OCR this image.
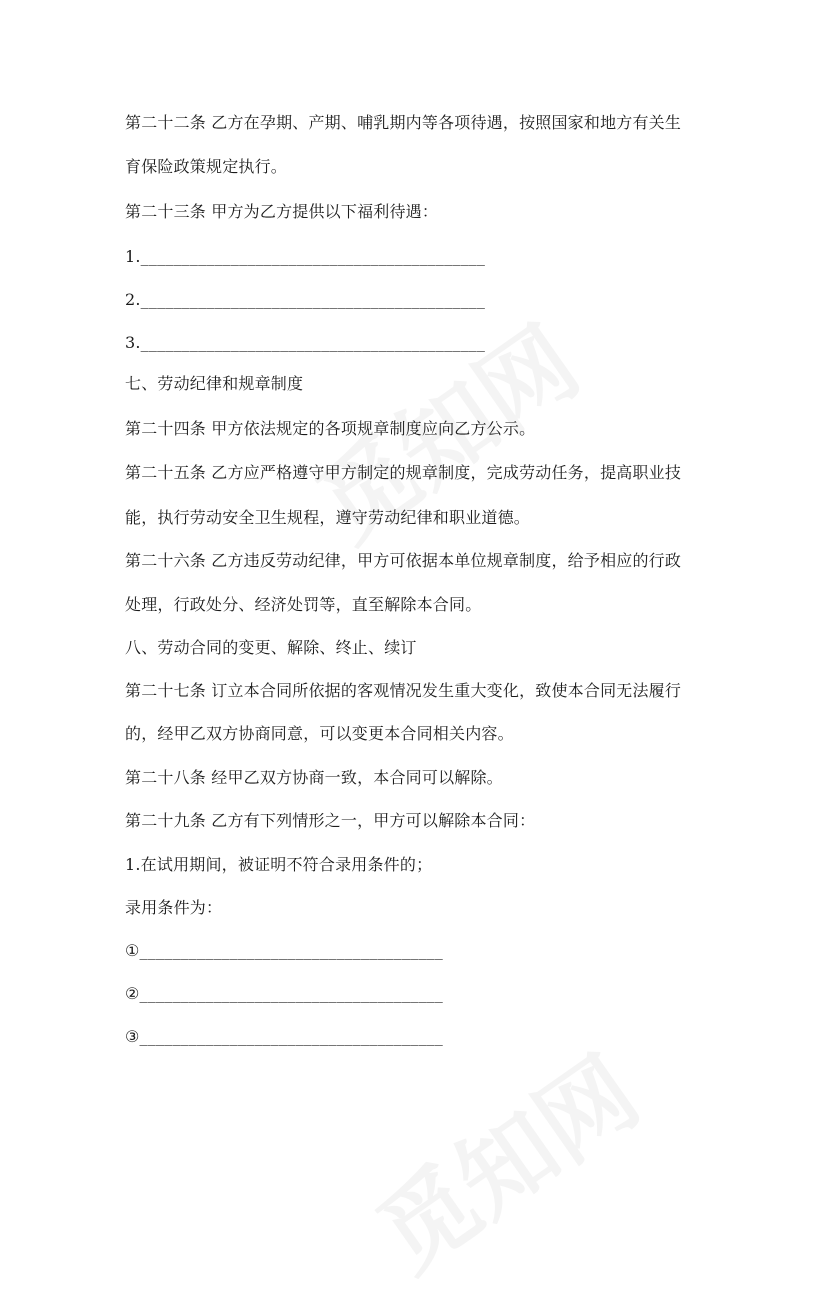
第二十二条 乙方在孕期、产期、哺乳期内等各项待遇，按照国家和地方有关生
育保险政策规定执行。
第二十三条 甲方为乙方提供以下福利待遇：
1.__________________________________________
2.__________________________________________
3.__________________________________________
七、劳动纪律和规章制度
第二十四条 甲方依法规定的各项规章制度应向乙方公示。
第二十五条 乙方应严格遵守甲方制定的规章制度，完成劳动任务，提高职业技
能，执行劳动安全卫生规程，遵守劳动纪律和职业道德。
第二十六条 乙方违反劳动纪律，甲方可依据本单位规章制度，给予相应的行政
处理，行政处分、经济处罚等，直至解除本合同。
八、劳动合同的变更、解除、终止、续订
第二十七条 订立本合同所依据的客观情况发生重大变化，致使本合同无法履行
的，经甲乙双方协商同意，可以变更本合同相关内容。
第二十八条 经甲乙双方协商一致，本合同可以解除。
第二十九条 乙方有下列情形之一，甲方可以解除本合同：
1.在试用期间，被证明不符合录用条件的；
录用条件为：
①_____________________________________
②_____________________________________
③_____________________________________
